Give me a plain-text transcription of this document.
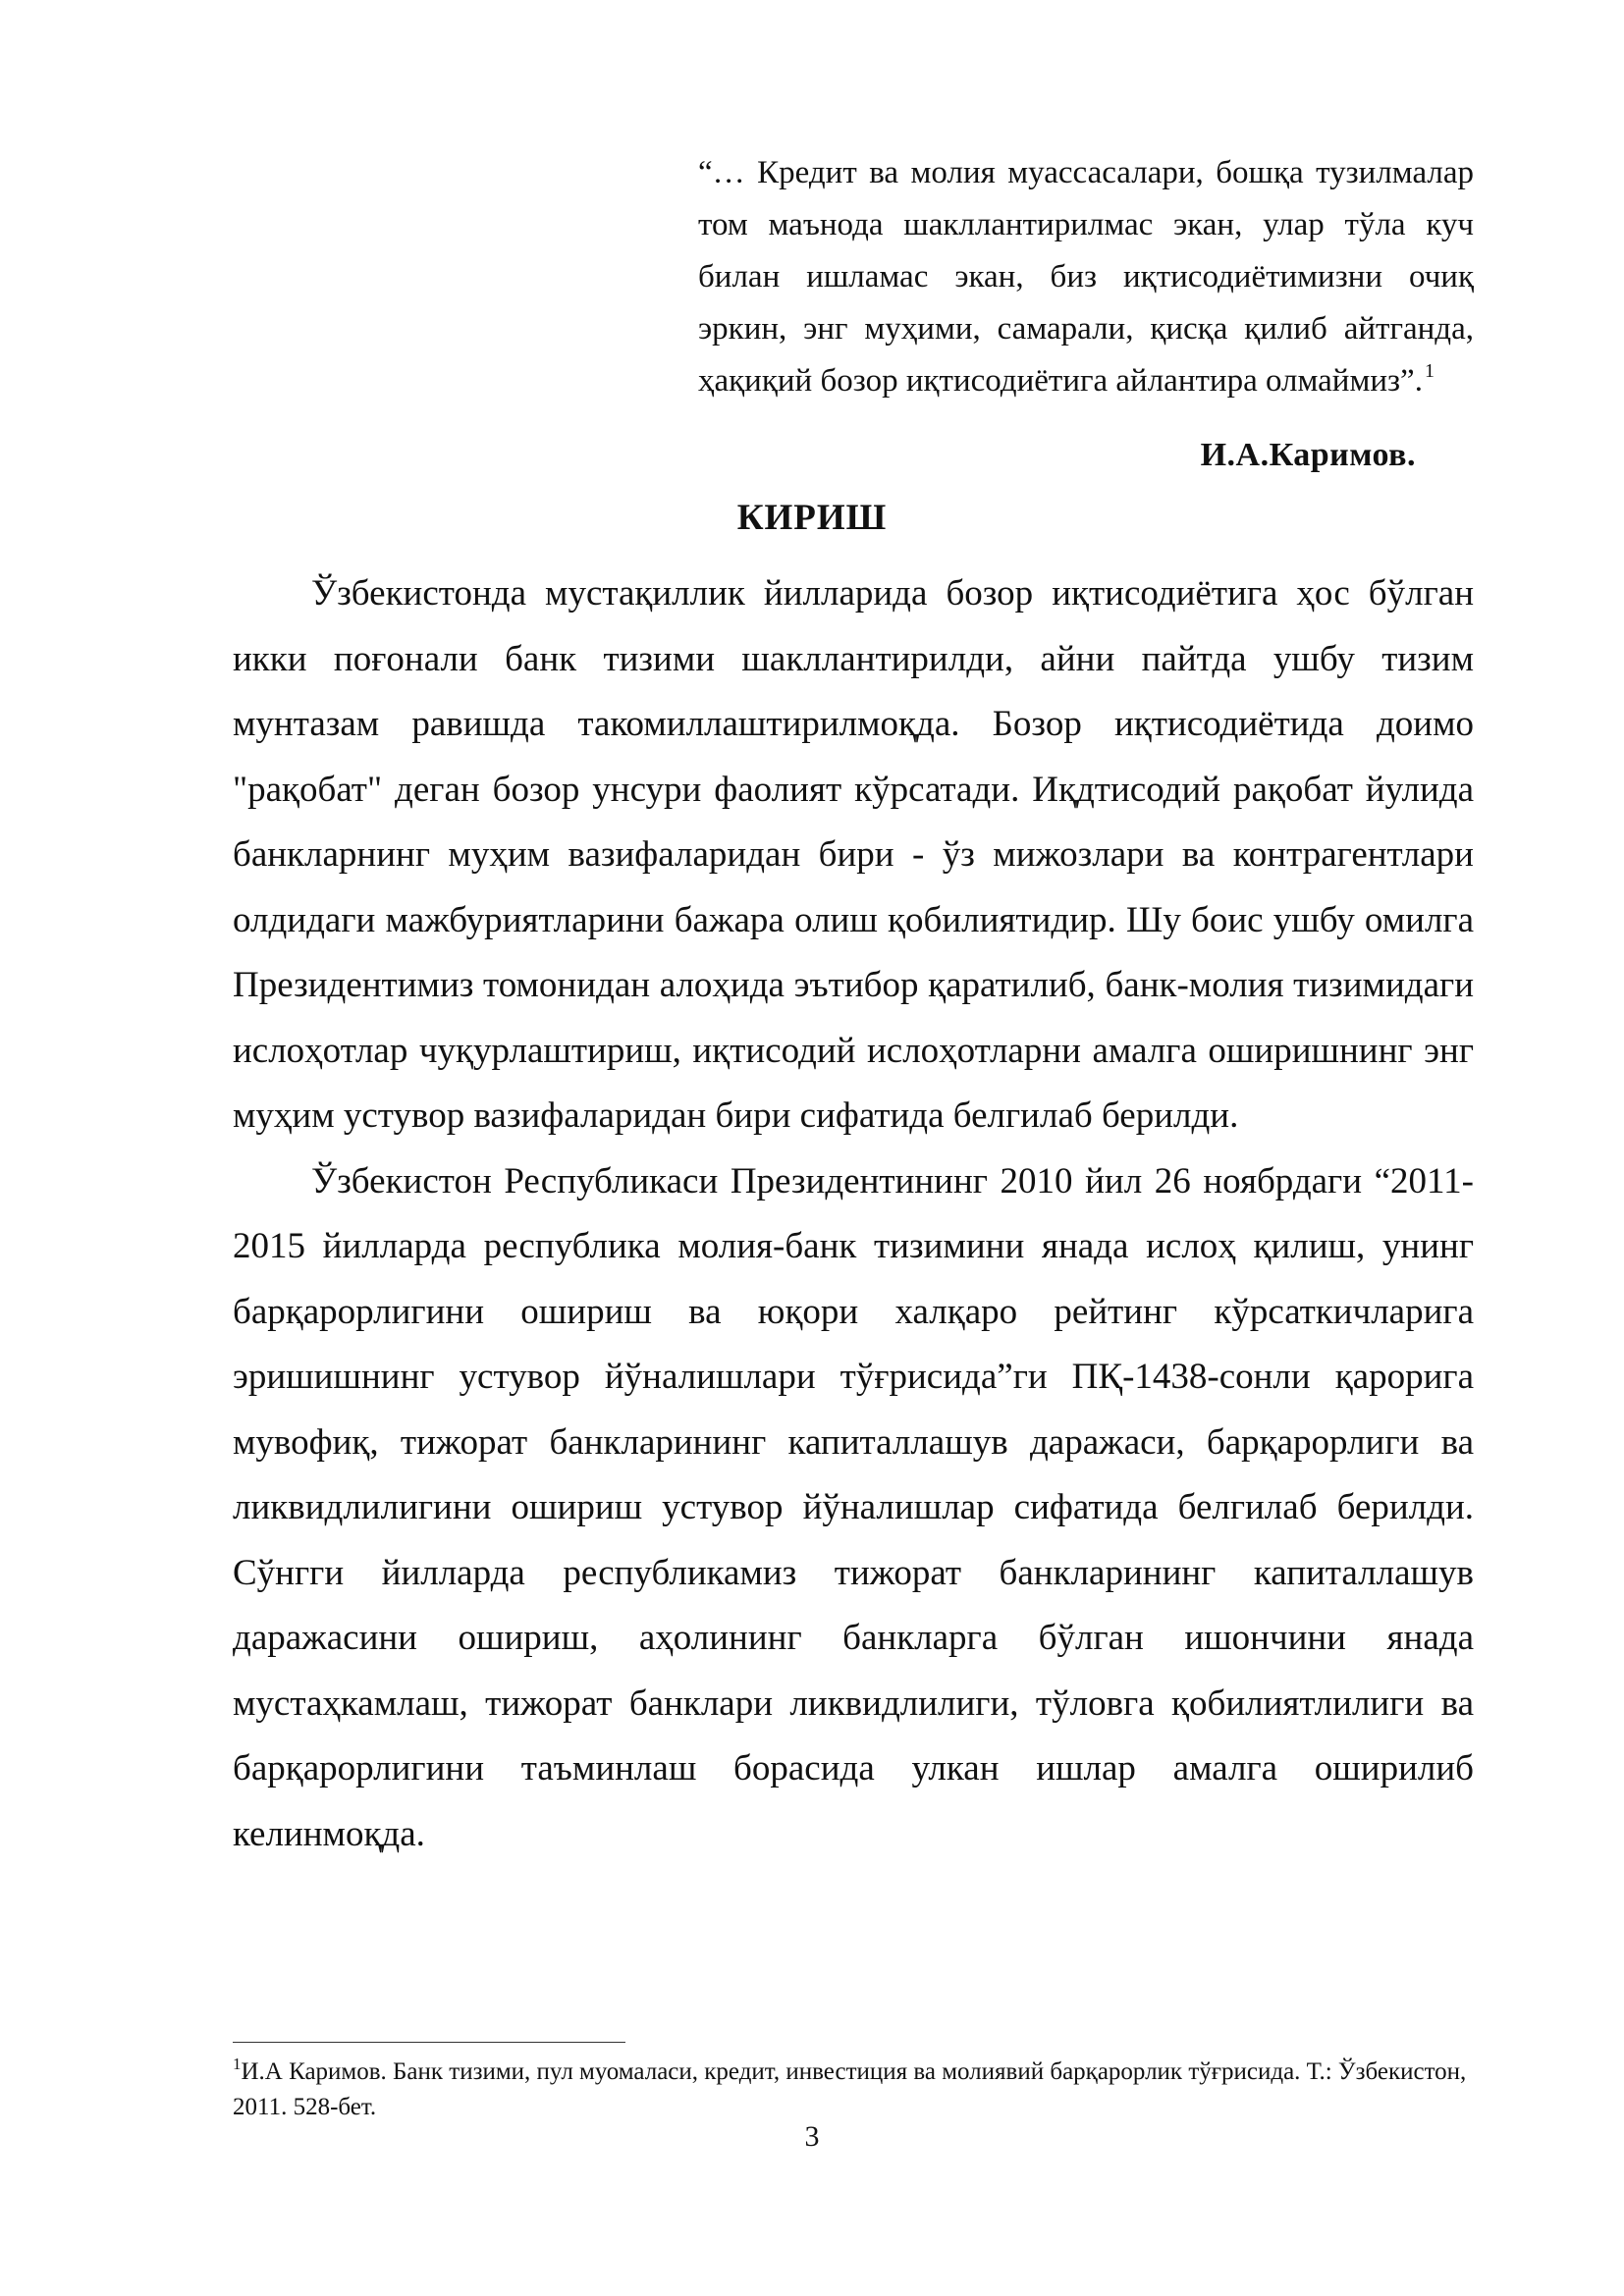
“… Кредит ва молия муассасалари, бошқа тузилмалар том маънода шакллантирилмас экан, улар тўла куч билан ишламас экан, биз иқтисодиётимизни очиқ эркин, энг муҳими, самарали, қисқа қилиб айтганда, ҳақиқий бозор иқтисодиётига айлантира олмаймиз”. $^1$
И.А.Каримов.
КИРИШ

Ўзбекистонда мустақиллик йилларида бозор иқтисодиётига ҳос бўлган икки поғонали банк тизими шакллантирилди, айни пайтда ушбу тизим мунтазам равишда такомиллаштирилмоқда. Бозор иқтисодиётида доимо "рақобат" деган бозор унсури фаолият кўрсатади. Иқдтисодий рақобат йулида банкларнинг муҳим вазифаларидан бири - ўз мижозлари ва контрагентлари олдидаги мажбуриятларини бажара олиш қобилиятидир. Шу боис ушбу омилга Президентимиз томонидан алоҳида эътибор қаратилиб, банк-молия тизимидаги ислоҳотлар чуқурлаштириш, иқтисодий ислоҳотларни амалга оширишнинг энг муҳим устувор вазифаларидан бири сифатида белгилаб берилди.

Ўзбекистон Республикаси Президентининг 2010 йил 26 ноябрдаги “2011-2015 йилларда республика молия-банк тизимини янада ислоҳ қилиш, унинг барқарорлигини ошириш ва юқори халқаро рейтинг кўрсаткичларига эришишнинг устувор йўналишлари тўғрисида”ги ПҚ-1438-сонли қарорига мувофиқ, тижорат банкларининг капиталлашув даражаси, барқарорлиги ва ликвидлилигини ошириш устувор йўналишлар сифатида белгилаб берилди. Сўнгги йилларда республикамиз тижорат банкларининг капиталлашув даражасини ошириш, аҳолининг банкларга бўлган ишончини янада мустаҳкамлаш, тижорат банклари ликвидлилиги, тўловга қобилиятлилиги ва барқарорлигини таъминлаш борасида улкан ишлар амалга оширилиб келинмоқда.

$^1$И.А Каримов. Банк тизими, пул муомаласи, кредит, инвестиция ва молиявий барқарорлик тўғрисида. Т.: Ўзбекистон, 2011. 528-бет.
3
